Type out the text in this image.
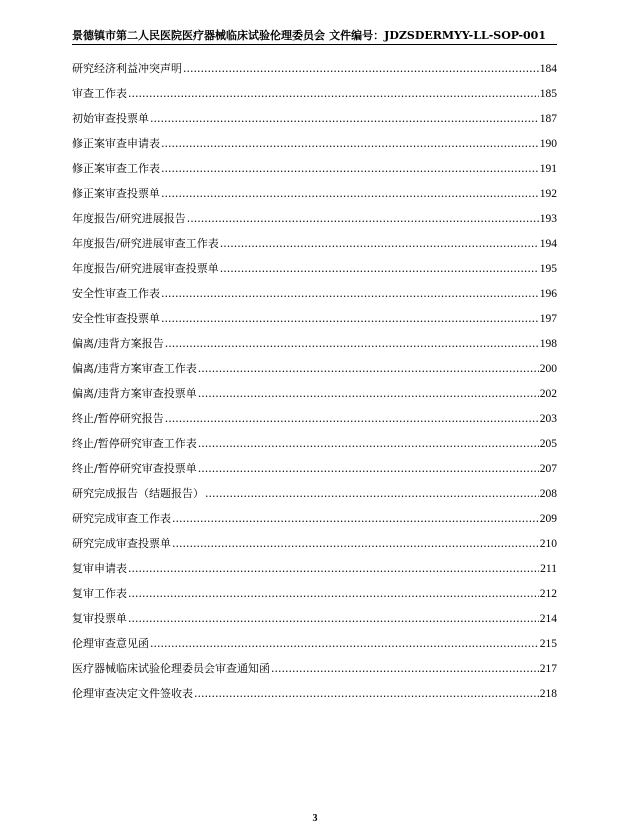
景德镇市第二人民医院医疗器械临床试验伦理委员会 文件编号：JDZSDERMYY-LL-SOP-001
研究经济利益冲突声明 .....	184
审查工作表 .....	185
初始审查投票单 .....	187
修正案审查申请表 .....	190
修正案审查工作表 .....	191
修正案审查投票单 .....	192
年度报告/研究进展报告 .....	193
年度报告/研究进展审查工作表 .....	194
年度报告/研究进展审查投票单 .....	195
安全性审查工作表 .....	196
安全性审查投票单 .....	197
偏离/违背方案报告 .....	198
偏离/违背方案审查工作表 .....	200
偏离/违背方案审查投票单 .....	202
终止/暂停研究报告 .....	203
终止/暂停研究审查工作表 .....	205
终止/暂停研究审查投票单 .....	207
研究完成报告（结题报告） .....	208
研究完成审查工作表 .....	209
研究完成审查投票单 .....	210
复审申请表 .....	211
复审工作表 .....	212
复审投票单 .....	214
伦理审查意见函 .....	215
医疗器械临床试验伦理委员会审查通知函 .....	217
伦理审查决定文件签收表 .....	218
3
